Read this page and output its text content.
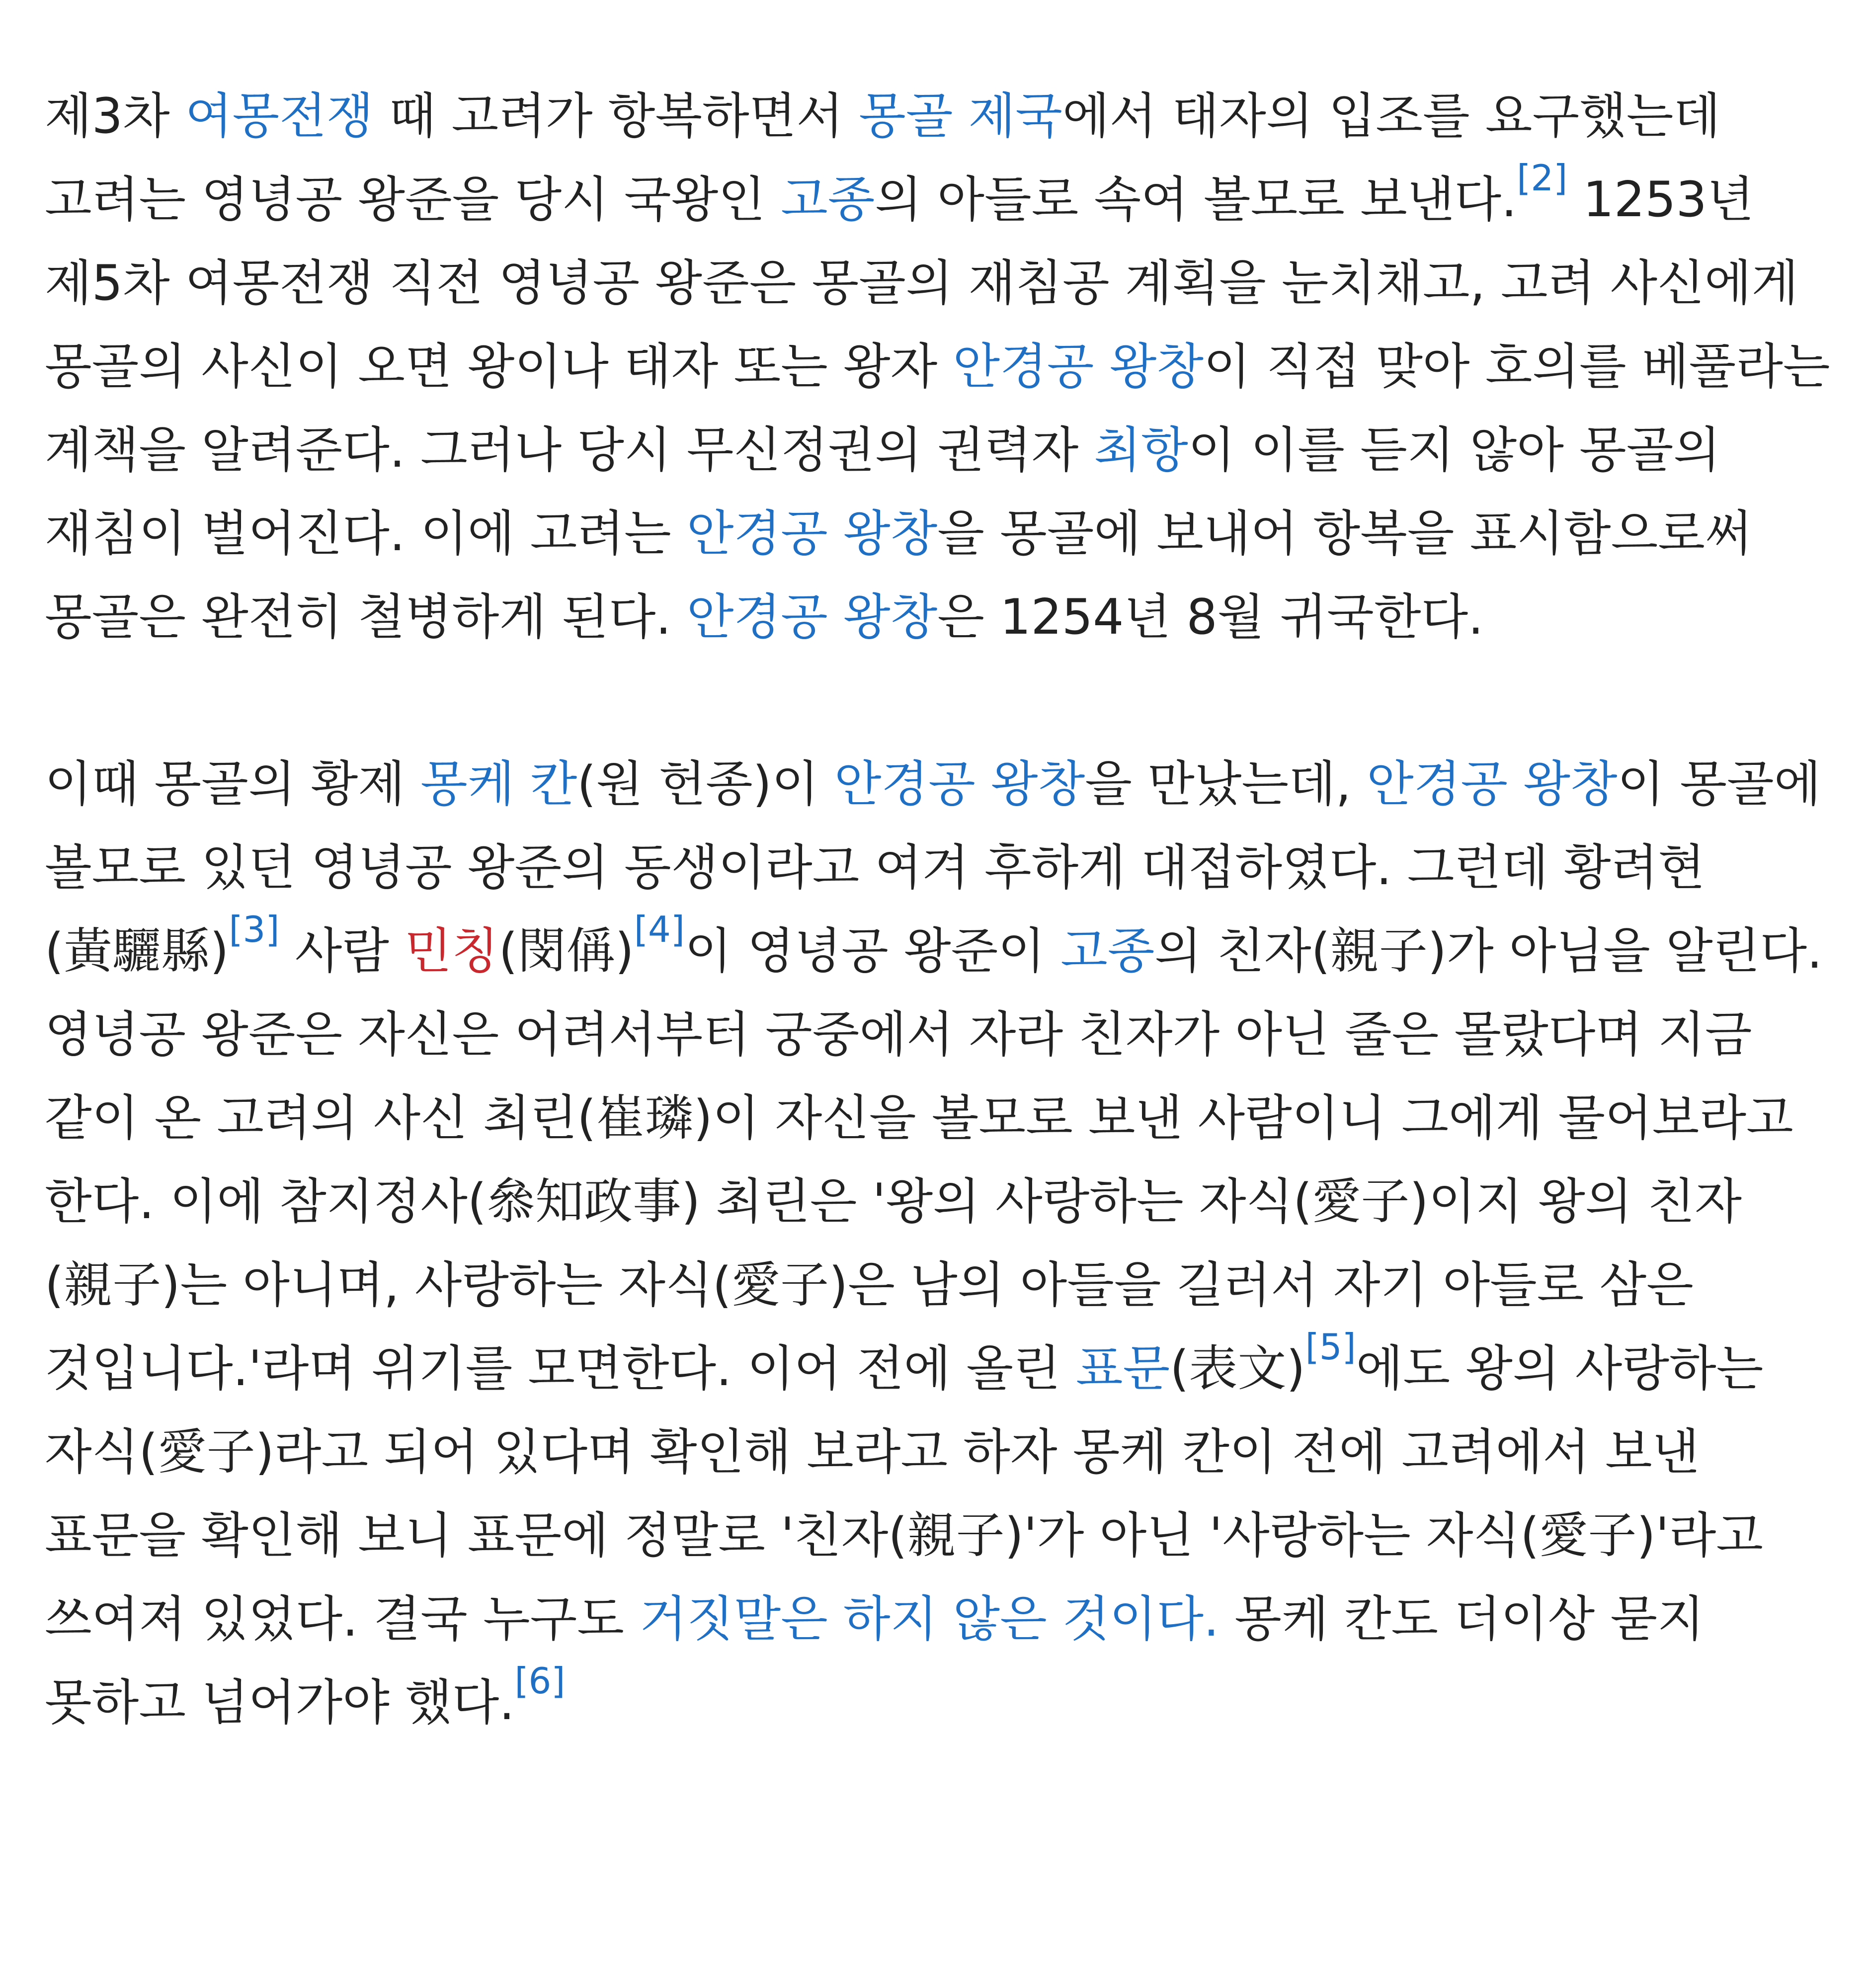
제3차 여몽전쟁 때 고려가 항복하면서 몽골 제국에서 태자의 입조를 요구했는데 고려는 영녕공 왕준을 당시 국왕인 고종의 아들로 속여 볼모로 보낸다.[2] 1253년 제5차 여몽전쟁 직전 영녕공 왕준은 몽골의 재침공 계획을 눈치채고, 고려 사신에게 몽골의 사신이 오면 왕이나 태자 또는 왕자 안경공 왕창이 직접 맞아 호의를 베풀라는 계책을 알려준다. 그러나 당시 무신정권의 권력자 최항이 이를 듣지 않아 몽골의 재침이 벌어진다. 이에 고려는 안경공 왕창을 몽골에 보내어 항복을 표시함으로써 몽골은 완전히 철병하게 된다. 안경공 왕창은 1254년 8월 귀국한다.

이때 몽골의 황제 몽케 칸(원 헌종)이 안경공 왕창을 만났는데, 안경공 왕창이 몽골에 볼모로 있던 영녕공 왕준의 동생이라고 여겨 후하게 대접하였다. 그런데 황려현(黃驪縣)[3] 사람 민칭(閔偁)[4]이 영녕공 왕준이 고종의 친자(親子)가 아님을 알린다. 영녕공 왕준은 자신은 어려서부터 궁중에서 자라 친자가 아닌 줄은 몰랐다며 지금 같이 온 고려의 사신 최린(崔璘)이 자신을 볼모로 보낸 사람이니 그에게 물어보라고 한다. 이에 참지정사(叅知政事) 최린은 '왕의 사랑하는 자식(愛子)이지 왕의 친자(親子)는 아니며, 사랑하는 자식(愛子)은 남의 아들을 길러서 자기 아들로 삼은 것입니다.'라며 위기를 모면한다. 이어 전에 올린 표문(表文)[5]에도 왕의 사랑하는 자식(愛子)라고 되어 있다며 확인해 보라고 하자 몽케 칸이 전에 고려에서 보낸 표문을 확인해 보니 표문에 정말로 '친자(親子)'가 아닌 '사랑하는 자식(愛子)'라고 쓰여져 있었다. 결국 누구도 거짓말은 하지 않은 것이다. 몽케 칸도 더이상 묻지 못하고 넘어가야 했다.[6]
